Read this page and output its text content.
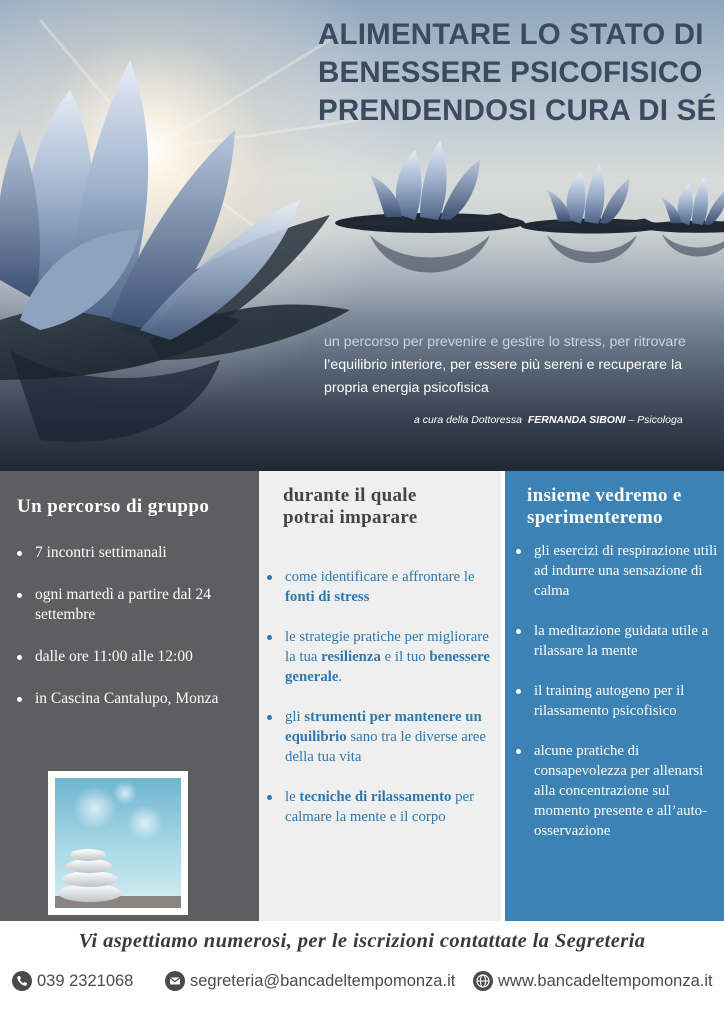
ALIMENTARE LO STATO DI
BENESSERE PSICOFISICO
PRENDENDOSI CURA DI SÉ

un percorso per prevenire e gestire lo stress, per ritrovare l’equilibrio interiore, per essere più sereni e recuperare la propria energia psicofisica

a cura della Dottoressa FERNANDA SIBONI – Psicologa

Un percorso di gruppo
7 incontri settimanali
ogni martedì a partire dal 24 settembre
dalle ore 11:00 alle 12:00
in Cascina Cantalupo, Monza
durante il quale potrai imparare
come identificare e affrontare le fonti di stress
le strategie pratiche per migliorare la tua resilienza e il tuo benessere generale.
gli strumenti per mantenere un equilibrio sano tra le diverse aree della tua vita
le tecniche di rilassamento per calmare la mente e il corpo
insieme vedremo e sperimenteremo
gli esercizi di respirazione utili ad indurre una sensazione di calma
la meditazione guidata utile a rilassare la mente
il training autogeno per il rilassamento psicofisico
alcune pratiche di consapevolezza per allenarsi alla concentrazione sul momento presente e all’auto-osservazione

Vi aspettiamo numerosi, per le iscrizioni contattate la Segreteria

039 2321068	segreteria@bancadeltempomonza.it	www.bancadeltempomonza.it
